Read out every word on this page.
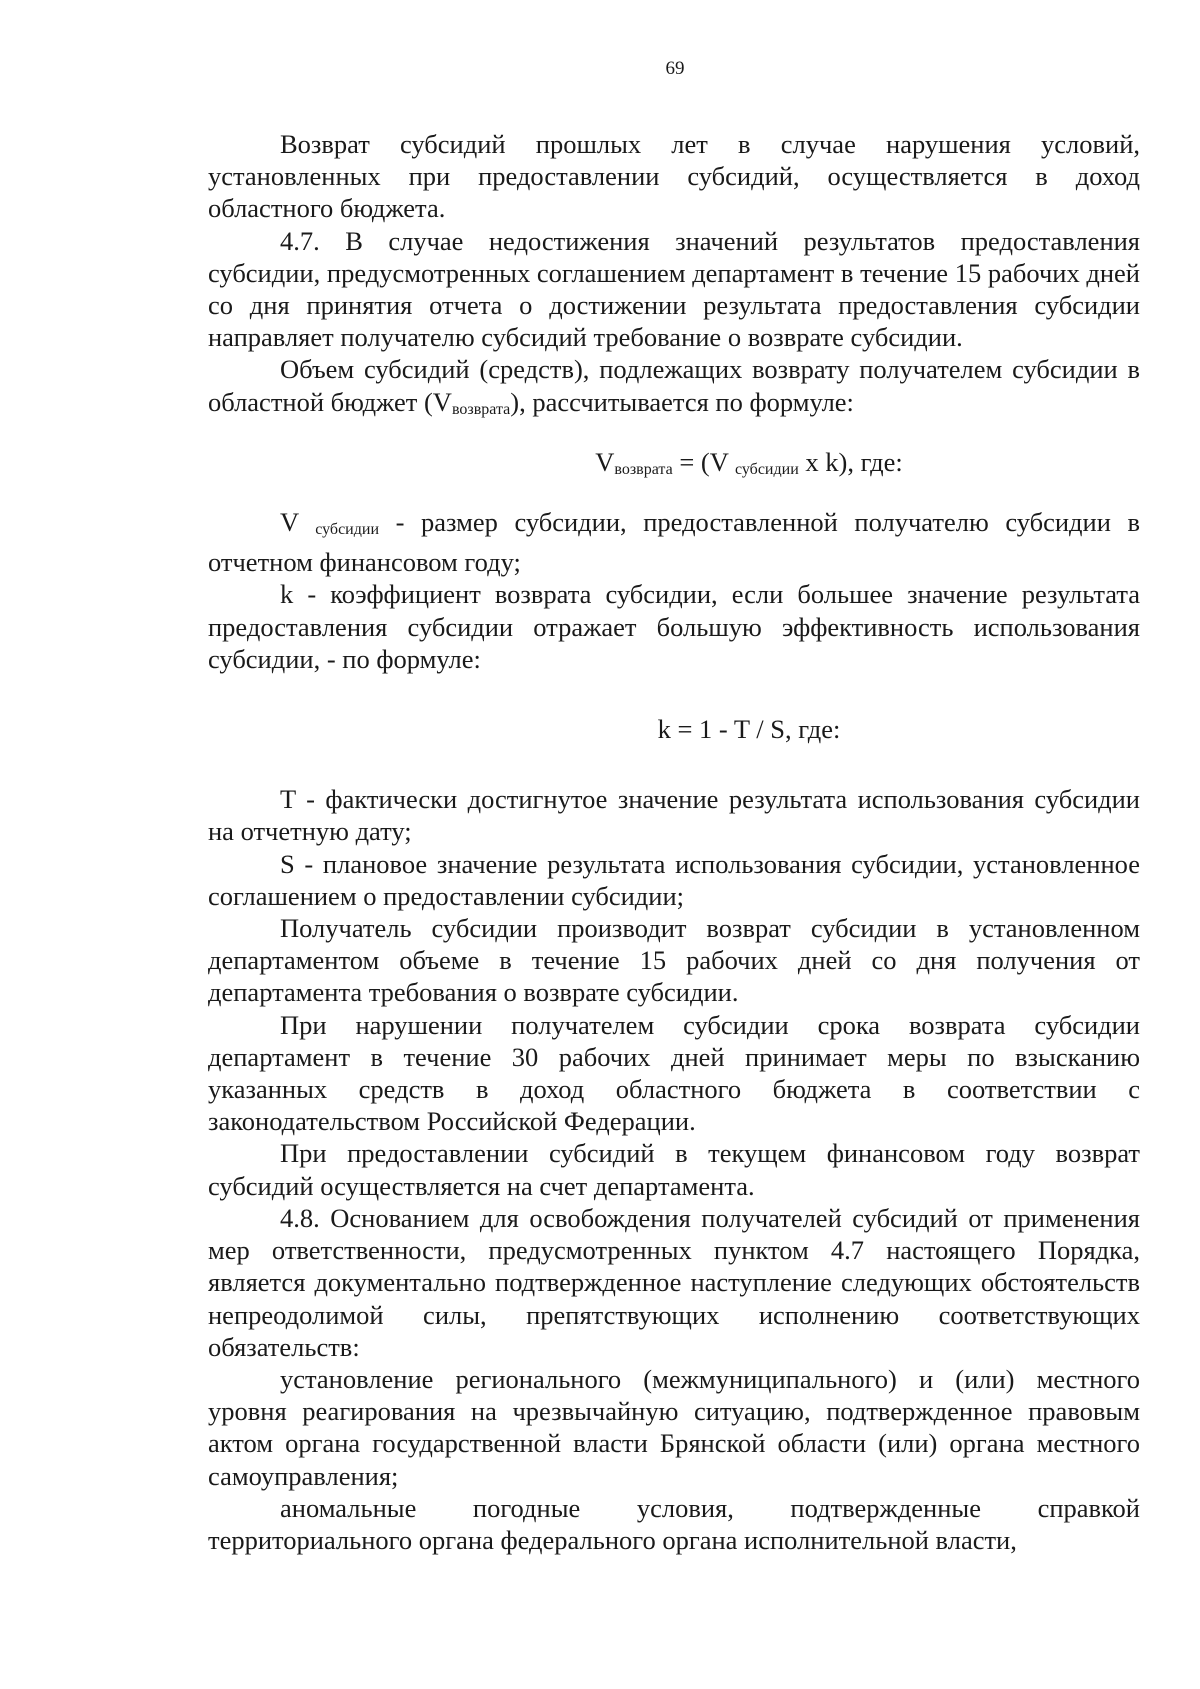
69

Возврат субсидий прошлых лет в случае нарушения условий, установленных при предоставлении субсидий, осуществляется в доход областного бюджета.

4.7. В случае недостижения значений результатов предоставления субсидии, предусмотренных соглашением департамент в течение 15 рабочих дней со дня принятия отчета о достижении результата предоставления субсидии направляет получателю субсидий требование о возврате субсидии.

Объем субсидий (средств), подлежащих возврату получателем субсидии в областной бюджет (Vвозврата), рассчитывается по формуле:

Vвозврата = (V субсидии x k), где:

V субсидии - размер субсидии, предоставленной получателю субсидии в отчетном финансовом году;

k - коэффициент возврата субсидии, если большее значение результата предоставления субсидии отражает большую эффективность использования субсидии, - по формуле:

k = 1 - T / S, где:

T - фактически достигнутое значение результата использования субсидии на отчетную дату;

S - плановое значение результата использования субсидии, установленное соглашением о предоставлении субсидии;

Получатель субсидии производит возврат субсидии в установленном департаментом объеме в течение 15 рабочих дней со дня получения от департамента требования о возврате субсидии.

При нарушении получателем субсидии срока возврата субсидии департамент в течение 30 рабочих дней принимает меры по взысканию указанных средств в доход областного бюджета в соответствии с законодательством Российской Федерации.

При предоставлении субсидий в текущем финансовом году возврат субсидий осуществляется на счет департамента.

4.8. Основанием для освобождения получателей субсидий от применения мер ответственности, предусмотренных пунктом 4.7 настоящего Порядка, является документально подтвержденное наступление следующих обстоятельств непреодолимой силы, препятствующих исполнению соответствующих обязательств:

установление регионального (межмуниципального) и (или) местного уровня реагирования на чрезвычайную ситуацию, подтвержденное правовым актом органа государственной власти Брянской области (или) органа местного самоуправления;

аномальные погодные условия, подтвержденные справкой территориального органа федерального органа исполнительной власти,
